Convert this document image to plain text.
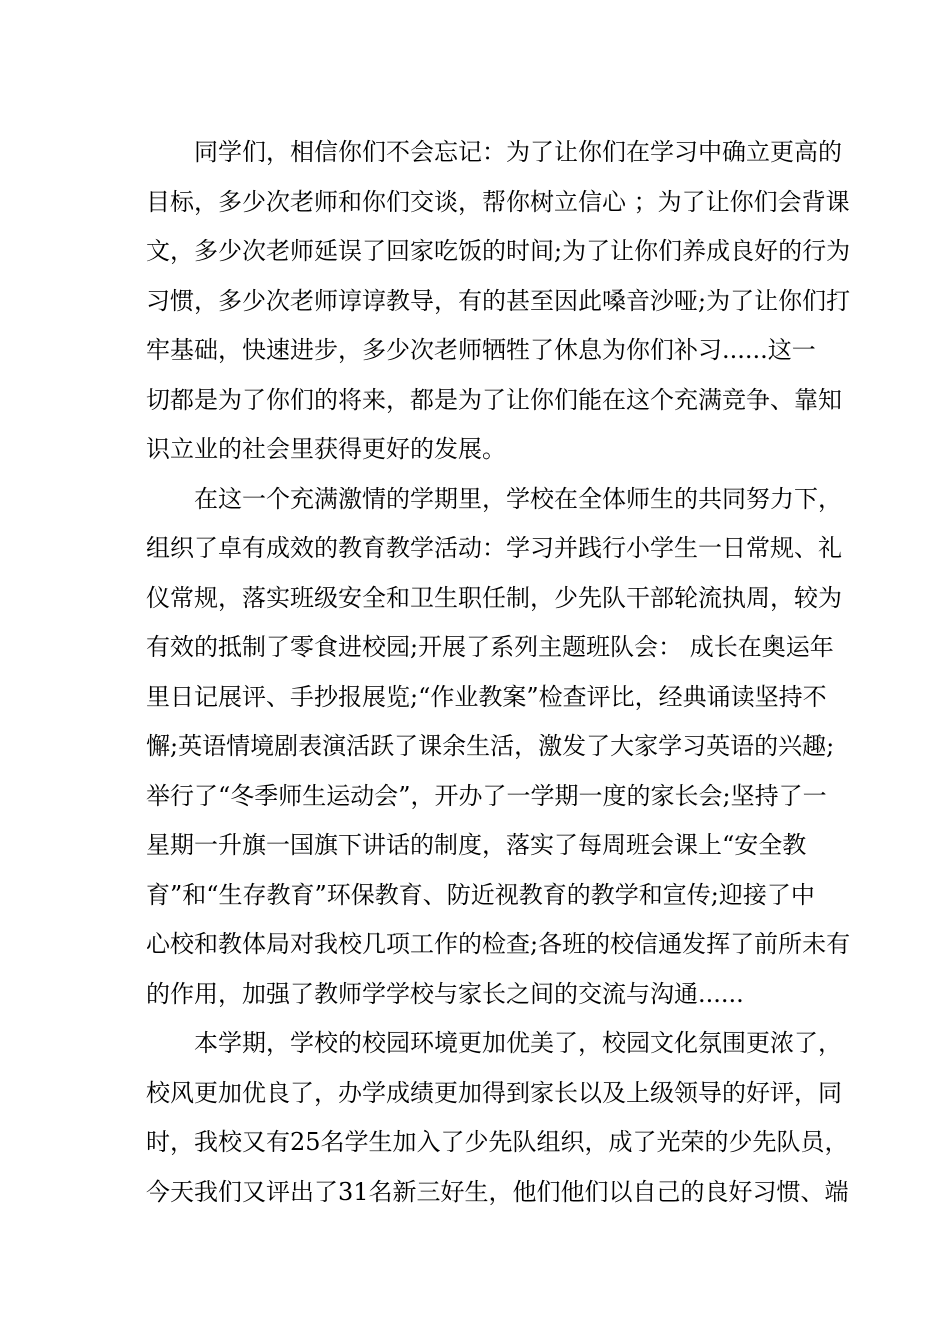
同学们，相信你们不会忘记：为了让你们在学习中确立更高的
目标，多少次老师和你们交谈，帮你树立信心 ；为了让你们会背课
文，多少次老师延误了回家吃饭的时间;为了让你们养成良好的行为
习惯，多少次老师谆谆教导，有的甚至因此嗓音沙哑;为了让你们打
牢基础，快速进步，多少次老师牺牲了休息为你们补习......这一
切都是为了你们的将来，都是为了让你们能在这个充满竞争、靠知
识立业的社会里获得更好的发展。
在这一个充满激情的学期里，学校在全体师生的共同努力下，
组织了卓有成效的教育教学活动：学习并践行小学生一日常规、礼
仪常规，落实班级安全和卫生职任制，少先队干部轮流执周，较为
有效的抵制了零食进校园;开展了系列主题班队会： 成长在奥运年
里日记展评、手抄报展览;“作业教案”检查评比，经典诵读坚持不
懈;英语情境剧表演活跃了课余生活，激发了大家学习英语的兴趣;
举行了“冬季师生运动会”，开办了一学期一度的家长会;坚持了一
星期一升旗一国旗下讲话的制度，落实了每周班会课上“安全教
育”和“生存教育”环保教育、防近视教育的教学和宣传;迎接了中
心校和教体局对我校几项工作的检查;各班的校信通发挥了前所未有
的作用，加强了教师学学校与家长之间的交流与沟通......
本学期，学校的校园环境更加优美了，校园文化氛围更浓了，
校风更加优良了，办学成绩更加得到家长以及上级领导的好评，同
时，我校又有25名学生加入了少先队组织，成了光荣的少先队员，
今天我们又评出了31名新三好生，他们他们以自己的良好习惯、端
